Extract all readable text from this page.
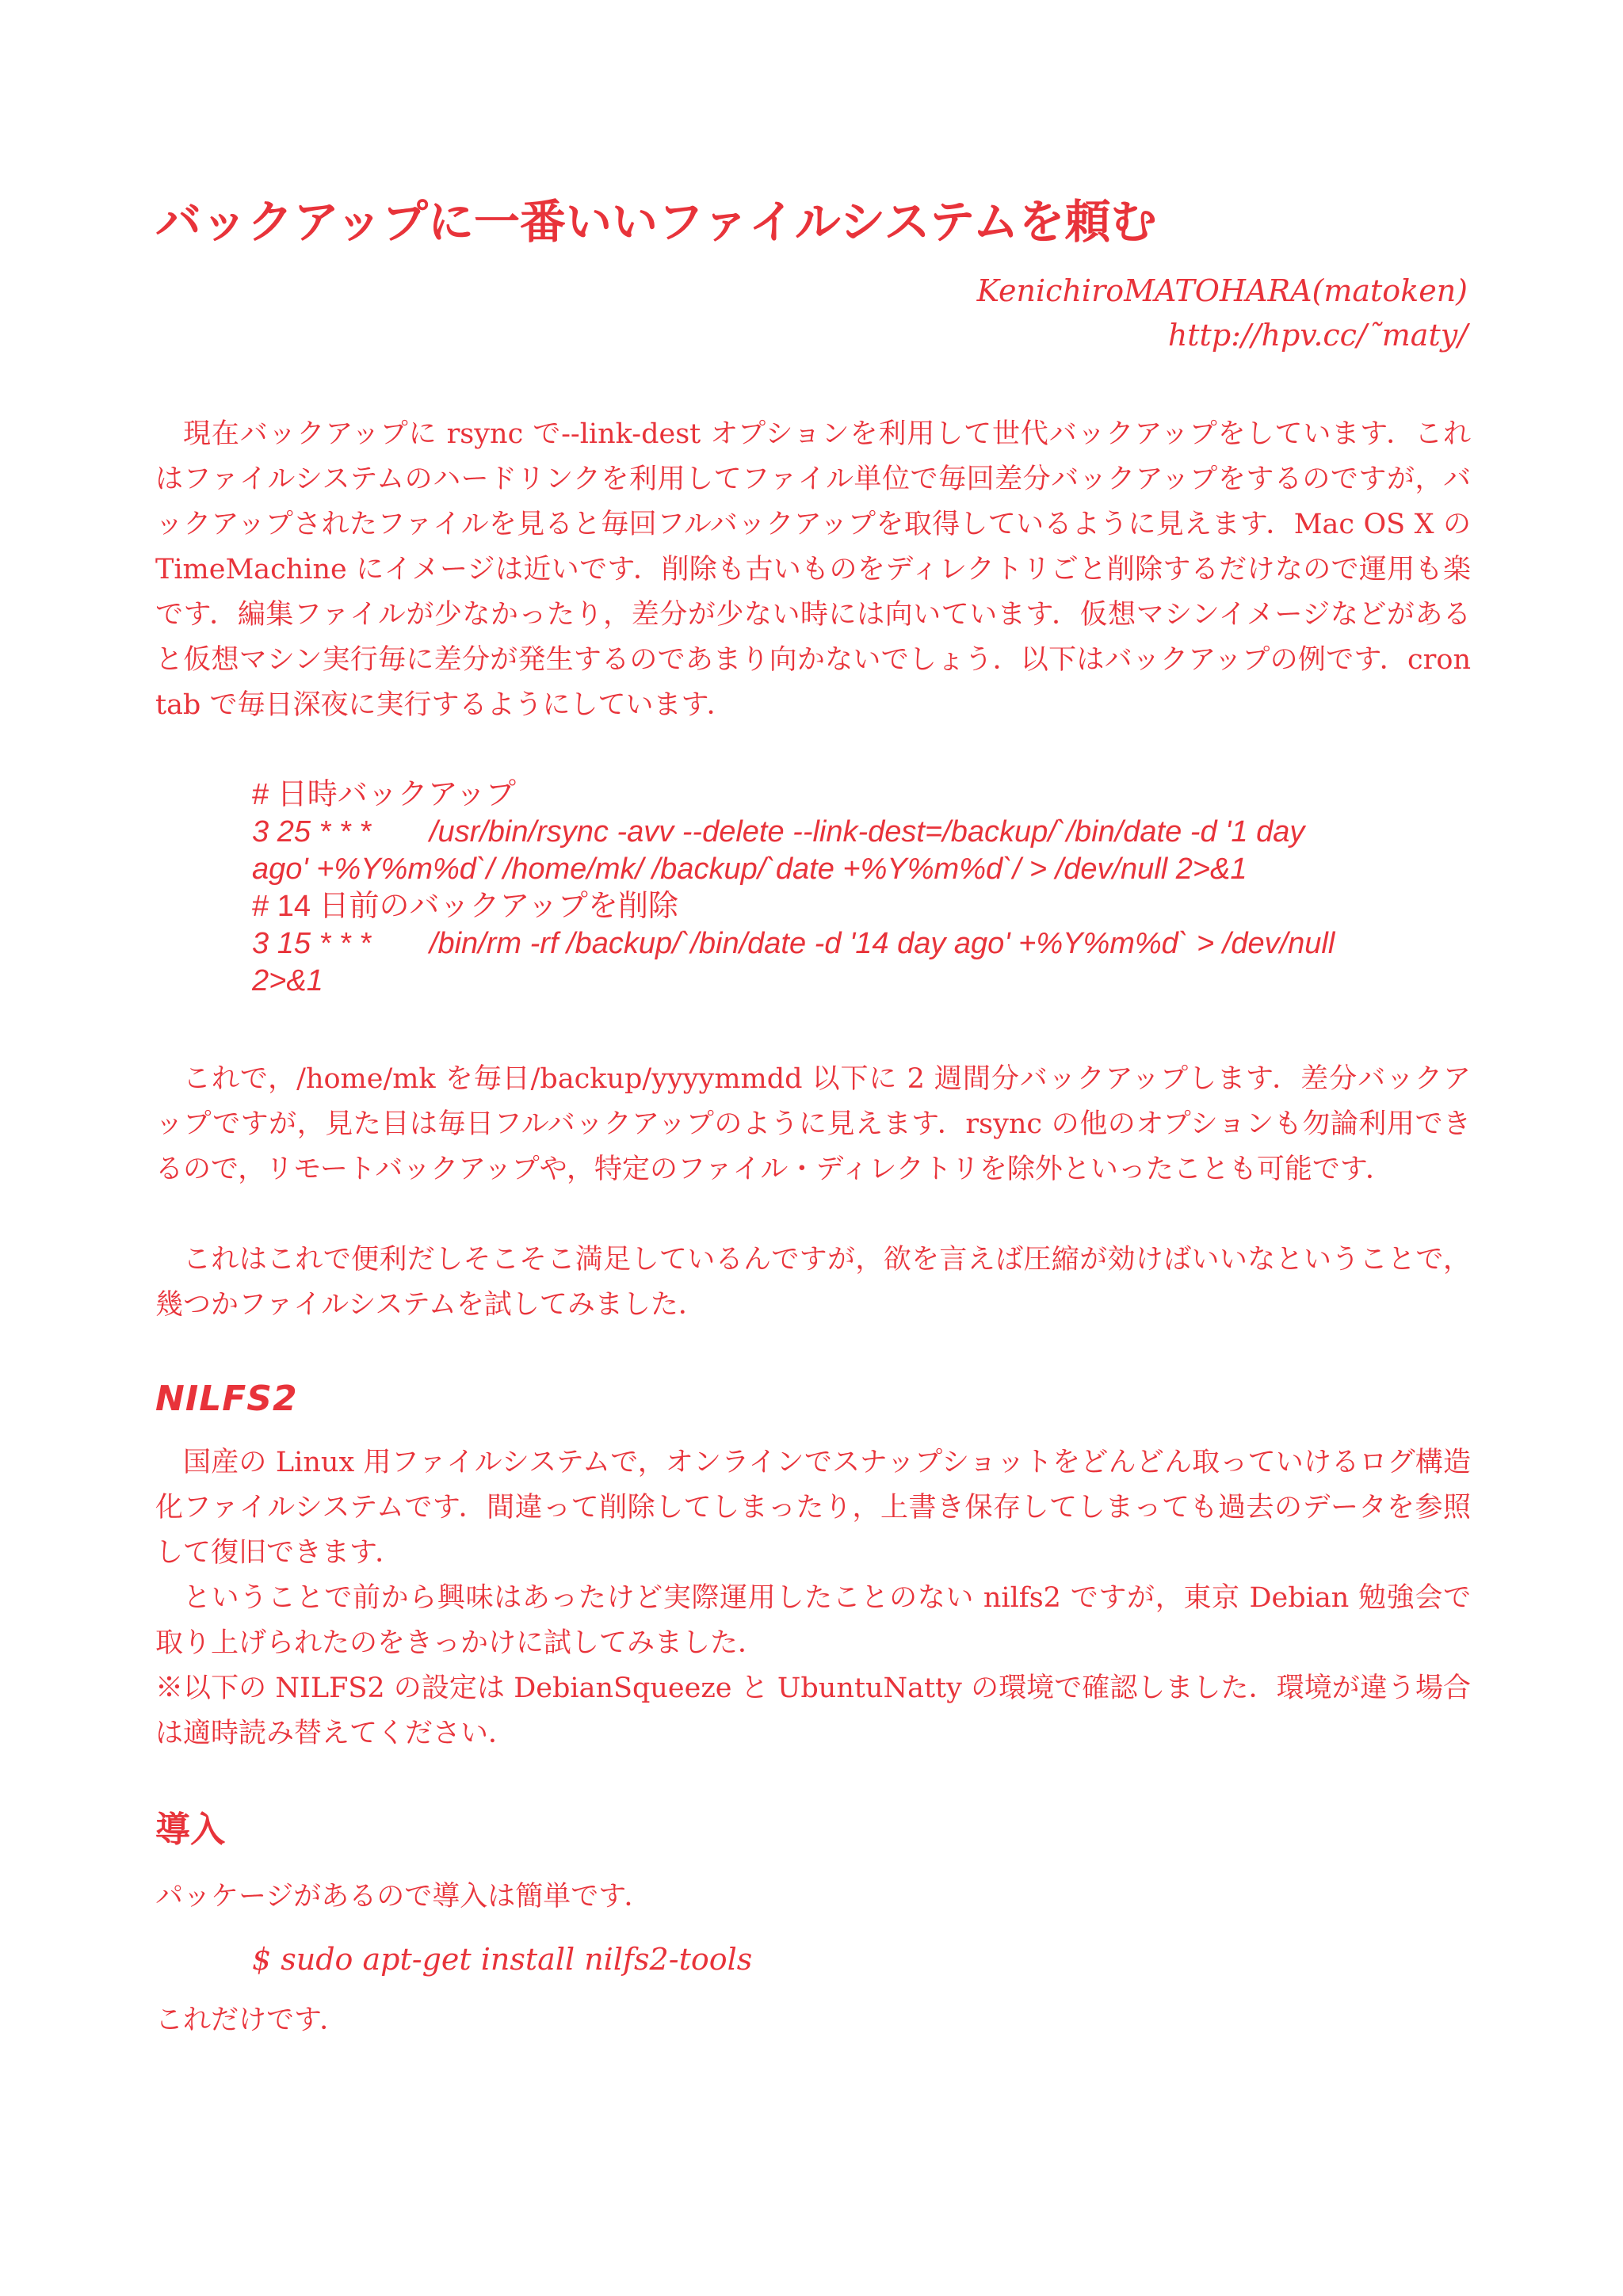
バックアップに一番いいファイルシステムを頼む
KenichiroMATOHARA(matoken)
http://hpv.cc/˜maty/

現在バックアップに rsync で--link-dest オプションを利用して世代バックアップをしています．これはファイルシステムのハードリンクを利用してファイル単位で毎回差分バックアップをするのですが，バックアップされたファイルを見ると毎回フルバックアップを取得しているように見えます．Mac OS X の TimeMachine にイメージは近いです．削除も古いものをディレクトリごと削除するだけなので運用も楽です．編集ファイルが少なかったり，差分が少ない時には向いています．仮想マシンイメージなどがあると仮想マシン実行毎に差分が発生するのであまり向かないでしょう．以下はバックアップの例です．crontab で毎日深夜に実行するようにしています．

# 日時バックアップ
3 25 * * *       /usr/bin/rsync -avv --delete --link-dest=/backup/`/bin/date -d '1 day
ago' +%Y%m%d`/ /home/mk/ /backup/`date +%Y%m%d`/ > /dev/null 2>&1
# 14 日前のバックアップを削除
3 15 * * *       /bin/rm -rf /backup/`/bin/date -d '14 day ago' +%Y%m%d` > /dev/null
2>&1

これで，/home/mk を毎日/backup/yyyymmdd 以下に 2 週間分バックアップします．差分バックアップですが，見た目は毎日フルバックアップのように見えます．rsync の他のオプションも勿論利用できるので，リモートバックアップや，特定のファイル・ディレクトリを除外といったことも可能です．

これはこれで便利だしそこそこ満足しているんですが，欲を言えば圧縮が効けばいいなということで，幾つかファイルシステムを試してみました．

NILFS2

国産の Linux 用ファイルシステムで，オンラインでスナップショットをどんどん取っていけるログ構造化ファイルシステムです．間違って削除してしまったり，上書き保存してしまっても過去のデータを参照して復旧できます．

ということで前から興味はあったけど実際運用したことのない nilfs2 ですが，東京 Debian 勉強会で取り上げられたのをきっかけに試してみました．

※以下の NILFS2 の設定は DebianSqueeze と UbuntuNatty の環境で確認しました．環境が違う場合は適時読み替えてください．

導入

パッケージがあるので導入は簡単です．

$ sudo apt-get install nilfs2-tools

これだけです．
